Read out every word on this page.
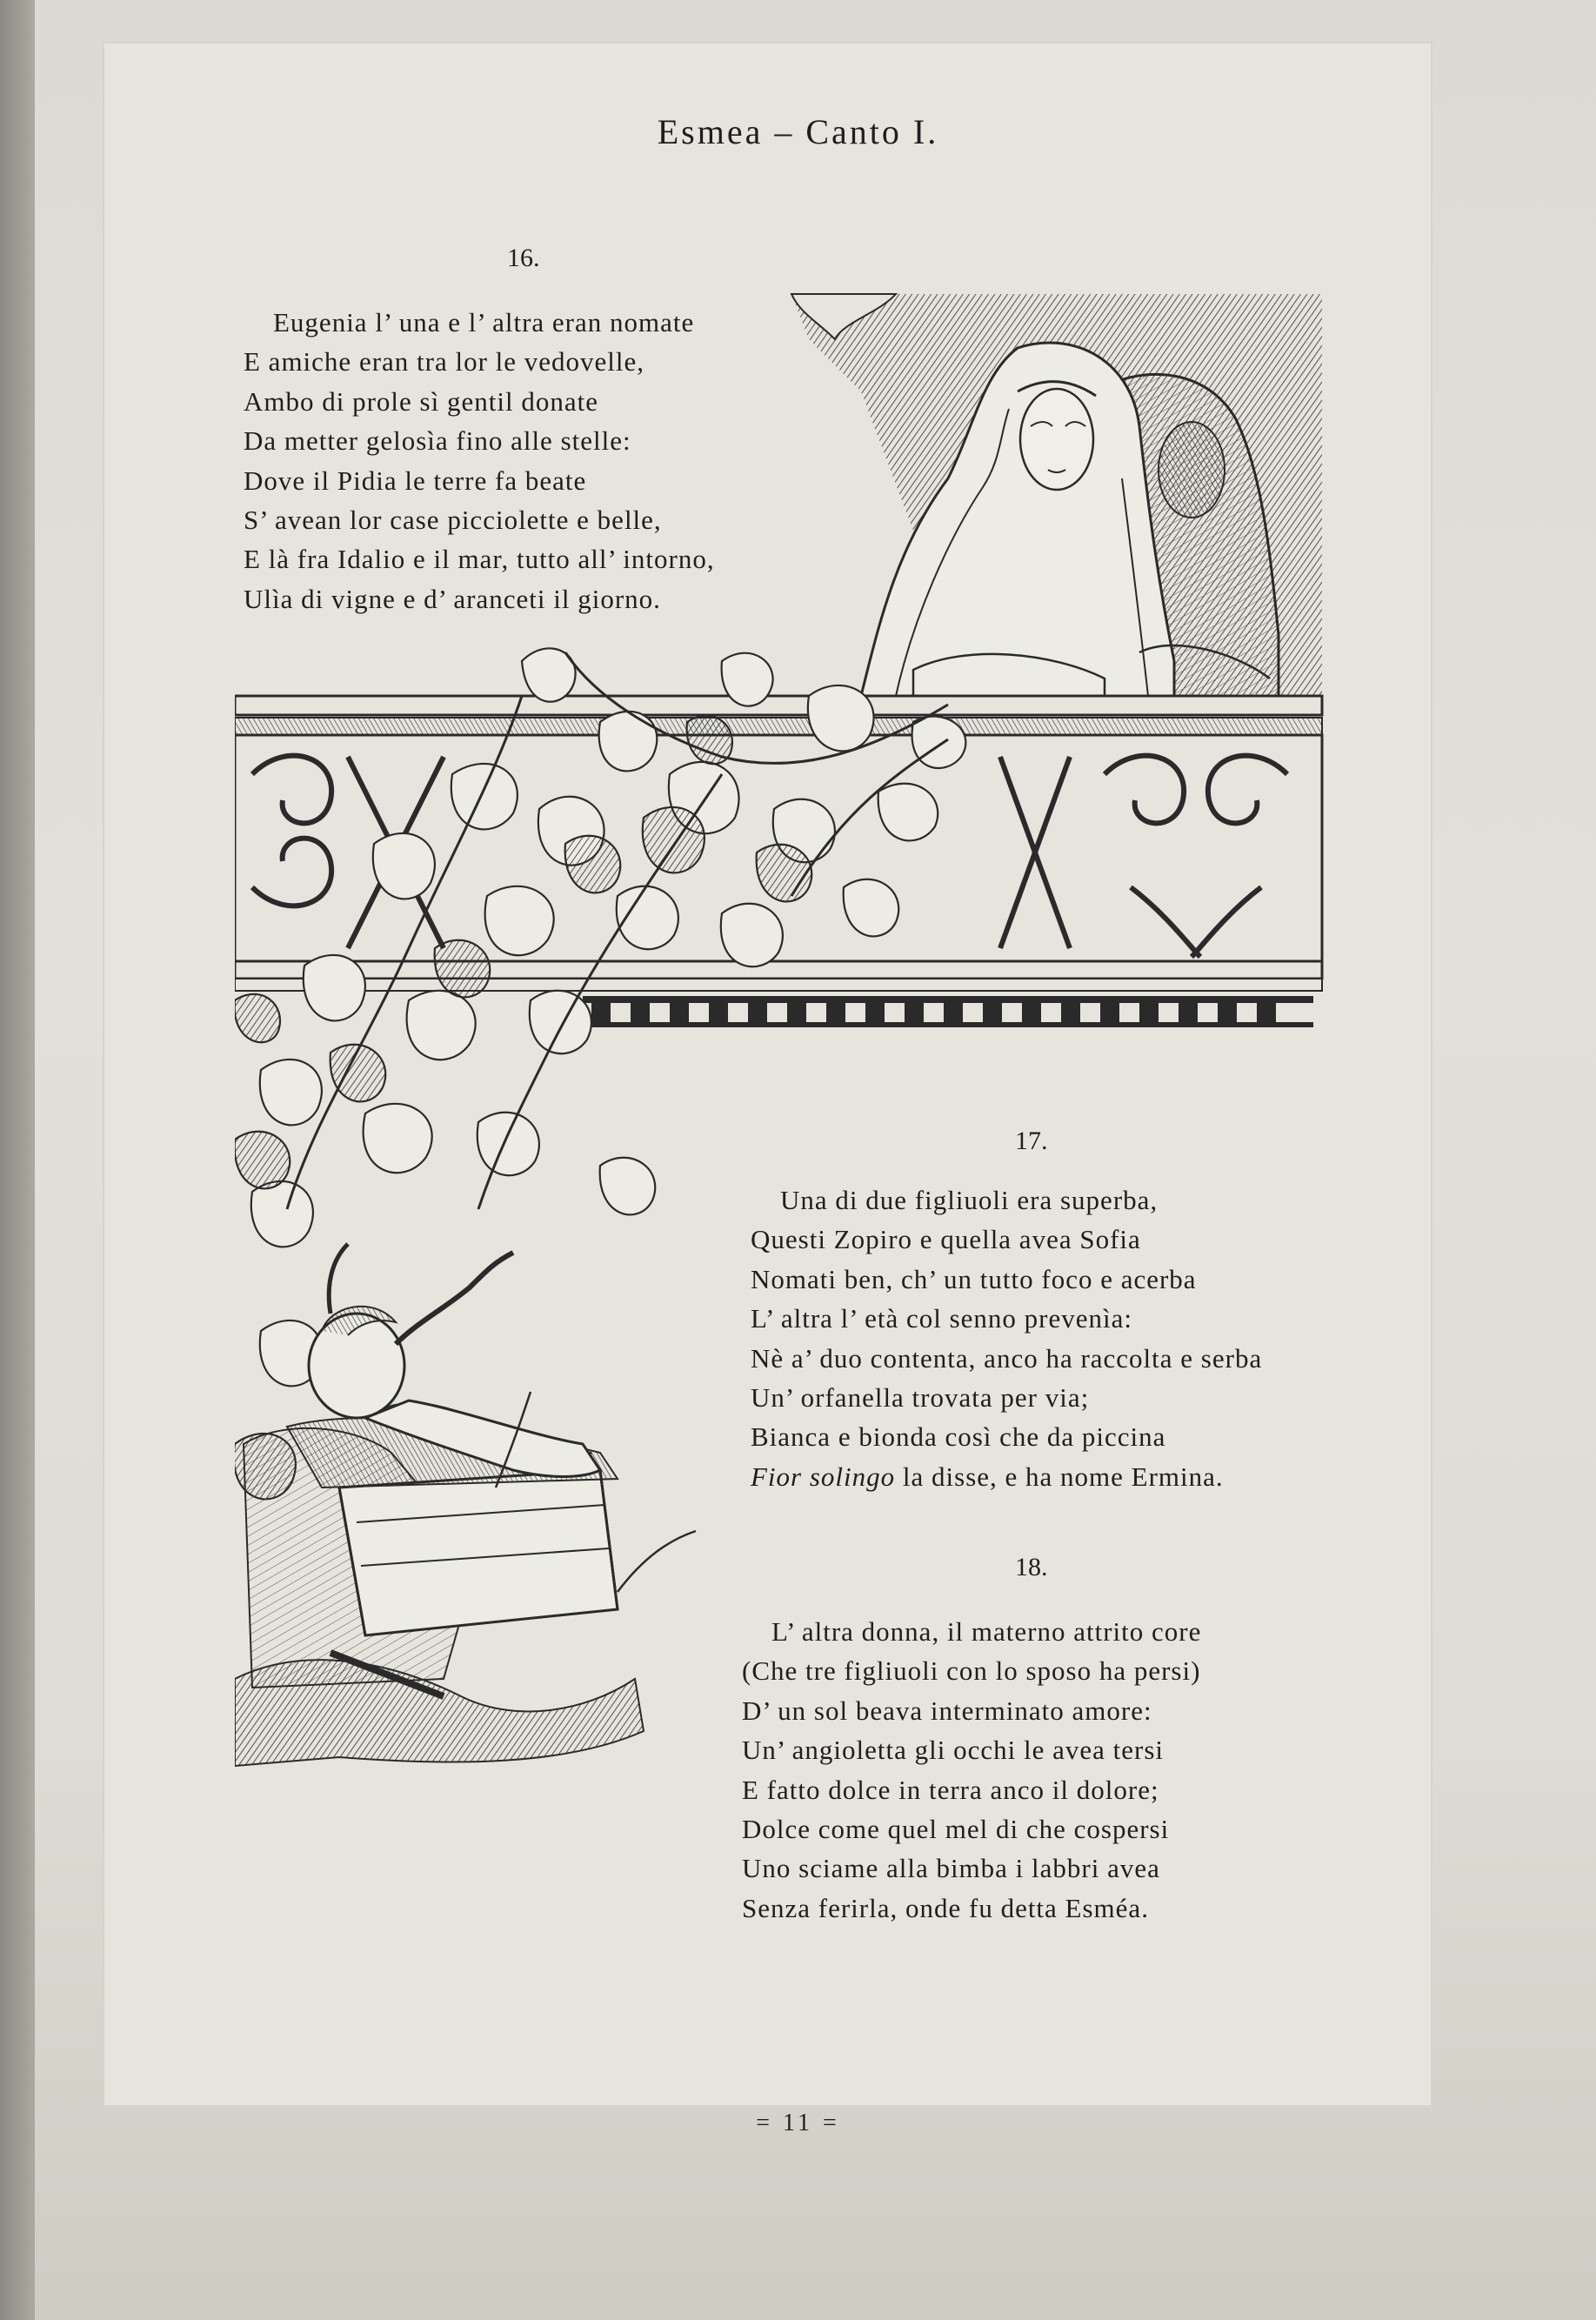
Esmea – Canto I.
16.
Eugenia l’ una e l’ altra eran nomate
E amiche eran tra lor le vedovelle,
Ambo di prole sì gentil donate
Da metter gelosìa fino alle stelle:
Dove il Pidia le terre fa beate
S’ avean lor case picciolette e belle,
E là fra Idalio e il mar, tutto all’ intorno,
Ulìa di vigne e d’ aranceti il giorno.
17.
Una di due figliuoli era superba,
Questi Zopiro e quella avea Sofia
Nomati ben, ch’ un tutto foco e acerba
L’ altra l’ età col senno prevenìa:
Nè a’ duo contenta, anco ha raccolta e serba
Un’ orfanella trovata per via;
Bianca e bionda così che da piccina
Fior solingo la disse, e ha nome Ermina.
18.
L’ altra donna, il materno attrito core
(Che tre figliuoli con lo sposo ha persi)
D’ un sol beava interminato amore:
Un’ angioletta gli occhi le avea tersi
E fatto dolce in terra anco il dolore;
Dolce come quel mel di che cospersi
Uno sciame alla bimba i labbri avea
Senza ferirla, onde fu detta Esméa.
= 11 =
